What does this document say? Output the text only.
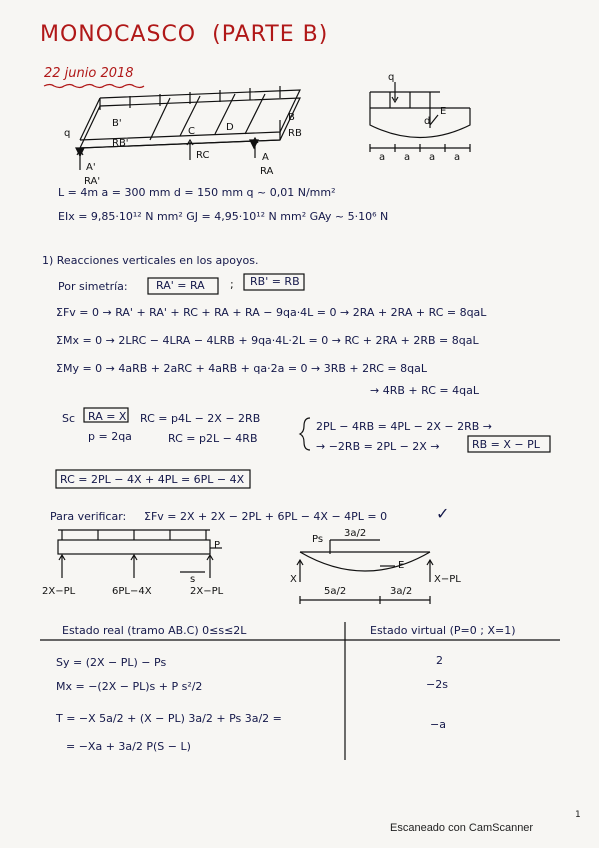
MONOCASCO (PARTE B)
22 junio 2018
q
A'
B'
C	D
B
A
RA'
RB'
RC
RA
RB
q
E
d
a a a a
L = 4m a = 300 mm d = 150 mm q ~ 0,01 N/mm²
EIx = 9,85·10¹² N mm² GJ = 4,95·10¹² N mm² GAy ~ 5·10⁶ N
1) Reacciones verticales en los apoyos.
Por simetría:	RA' = RA ; RB' = RB
ΣFv = 0 → RA' + RA' + RC + RA + RA − 9qa·4L = 0 → 2RA + 2RA + RC = 8qaL
ΣMx = 0 → 2LRC − 4LRA − 4LRB + 9qa·4L·2L = 0 → RC + 2RA + 2RB = 8qaL
ΣMy = 0 → 4aRB + 2aRC + 4aRB + qa·2a = 0 → 3RB + 2RC = 8qaL
→ 4RB + RC = 4qaL
Sc RA = X
p = 2qa
RC = p4L − 2X − 2RB
RC = p2L − 4RB
2PL − 4RB = 4PL − 2X − 2RB →
→ −2RB = 2PL − 2X →	RB = X − PL
RC = 2PL − 4X + 4PL = 6PL − 4X
Para verificar: ΣFv = 2X + 2X − 2PL + 6PL − 4X − 4PL = 0	✓
P
s
2X−PL	6PL−4X	2X−PL
Ps
3a/2
E
X	X−PL
5a/2	3a/2
Estado real (tramo AB.C) 0≤s≤2L	Estado virtual (P=0 ; X=1)
Sy = (2X − PL) − Ps	2
Mx = −(2X − PL)s + P s²/2	−2s
T = −X 5a/2 + (X − PL) 3a/2 + Ps 3a/2 =	−a
= −Xa + 3a/2 P(S − L)
1
Escaneado con CamScanner
